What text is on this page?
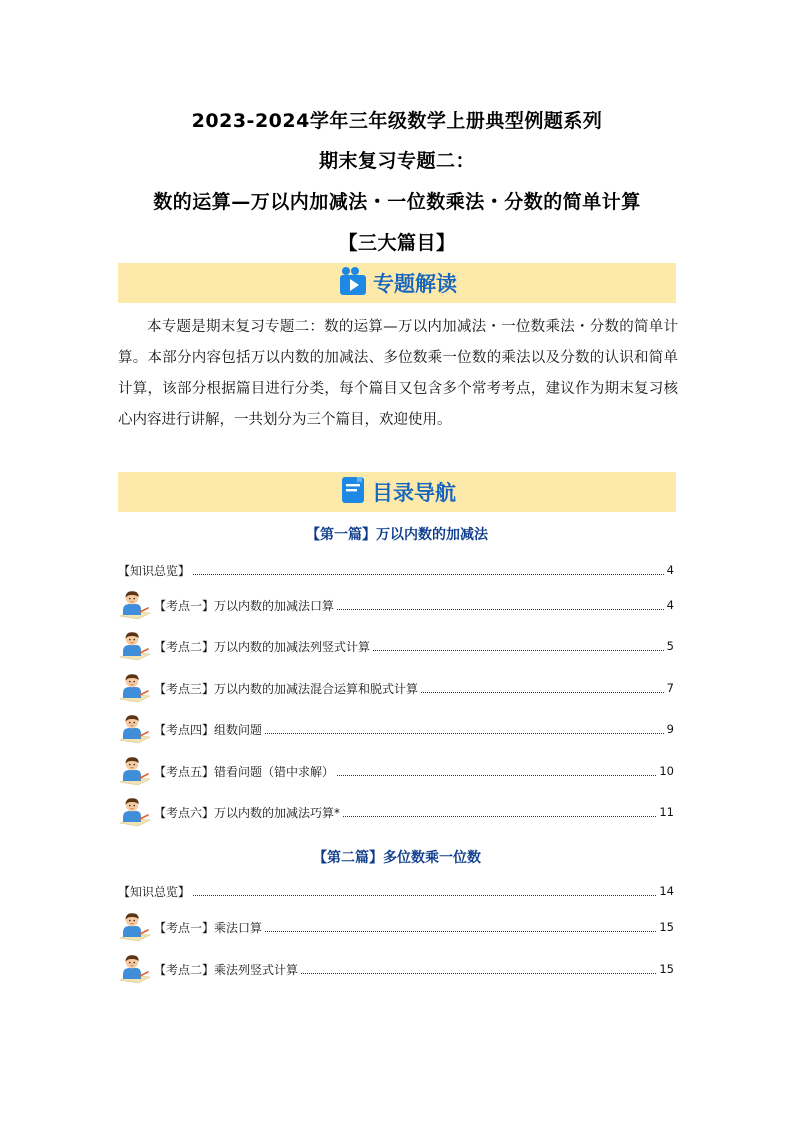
2023-2024学年三年级数学上册典型例题系列
期末复习专题二：
数的运算—万以内加减法・一位数乘法・分数的简单计算
【三大篇目】
专题解读
本专题是期末复习专题二：数的运算—万以内加减法・一位数乘法・分数的简单计算。本部分内容包括万以内数的加减法、多位数乘一位数的乘法以及分数的认识和简单计算，该部分根据篇目进行分类，每个篇目又包含多个常考考点，建议作为期末复习核心内容进行讲解，一共划分为三个篇目，欢迎使用。
目录导航
【第一篇】万以内数的加减法
【知识总览】	4
【考点一】万以内数的加减法口算	4
【考点二】万以内数的加减法列竖式计算	5
【考点三】万以内数的加减法混合运算和脱式计算	7
【考点四】组数问题	9
【考点五】错看问题（错中求解）	10
【考点六】万以内数的加减法巧算*	11
【第二篇】多位数乘一位数
【知识总览】	14
【考点一】乘法口算	15
【考点二】乘法列竖式计算	15
